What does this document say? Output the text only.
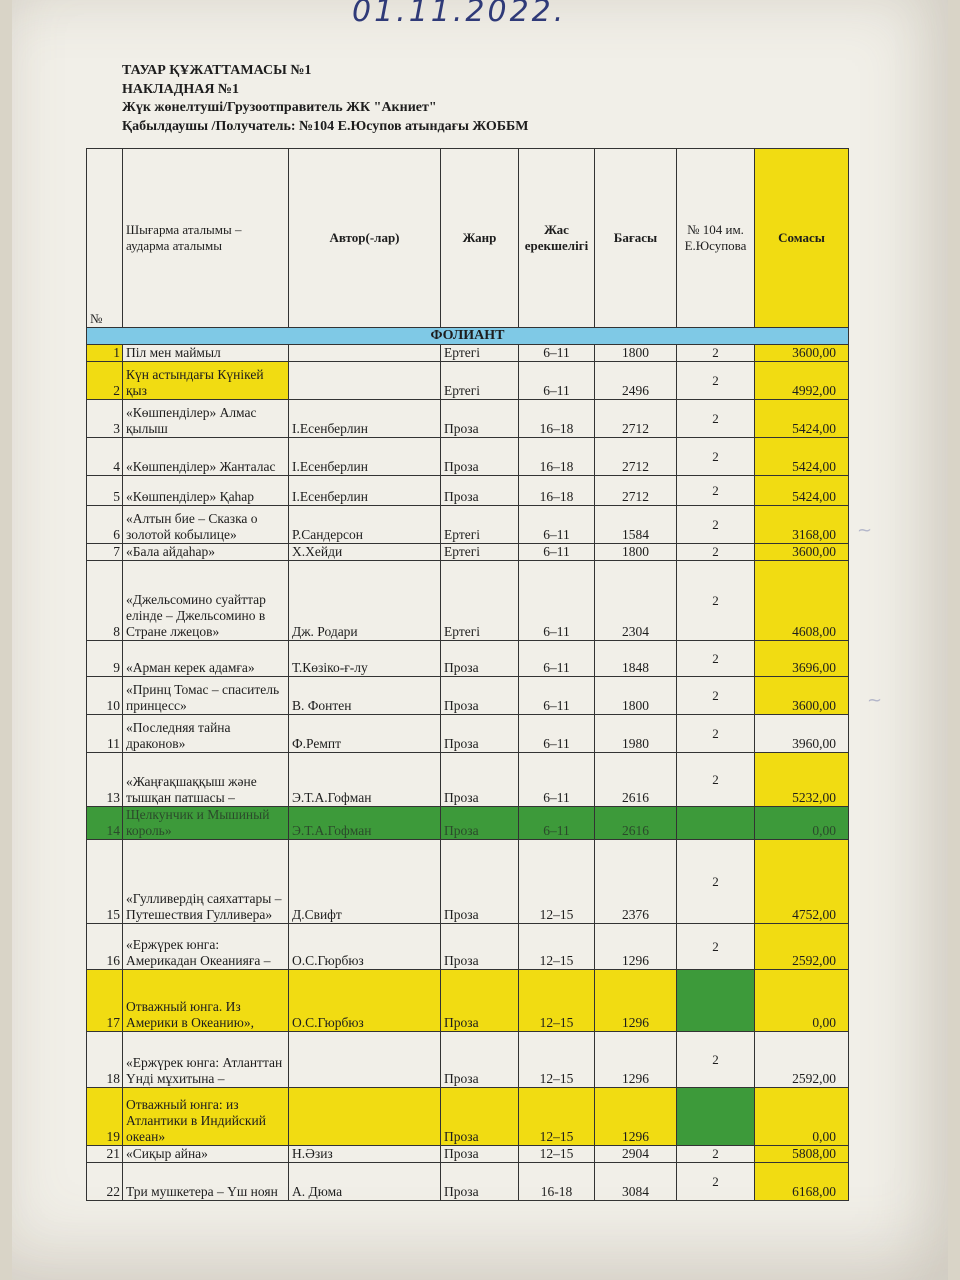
01.11.2022.
ТАУАР ҚҰЖАТТАМАСЫ №1
НАКЛАДНАЯ №1
Жүк жөнелтуші/Грузоотправитель ЖК "Акниет"
Қабылдаушы /Получатель: №104 Е.Юсупов атындағы ЖОББМ
№	Шығарма аталымы – аударма аталымы	Автор(-лар)	Жанр	Жас ерекшелігі	Бағасы	№ 104 им. Е.Юсупова	Сомасы
ФОЛИАНТ							
1	Піл мен маймыл		Ертегі	6–11	1800	2	3600,00
2	Күн астындағы Күнікей қыз		Ертегі	6–11	2496	2	4992,00
3	«Көшпенділер» Алмас қылыш	І.Есенберлин	Проза	16–18	2712	2	5424,00
4	«Көшпенділер» Жанталас	І.Есенберлин	Проза	16–18	2712	2	5424,00
5	«Көшпенділер» Қаһар	І.Есенберлин	Проза	16–18	2712	2	5424,00
6	«Алтын бие – Сказка о золотой кобылице»	Р.Сандерсон	Ертегі	6–11	1584	2	3168,00
7	«Бала айдаһар»	Х.Хейди	Ертегі	6–11	1800	2	3600,00
8	«Джельсомино суайттар елінде – Джельсомино в Стране лжецов»	Дж. Родари	Ертегі	6–11	2304	2	4608,00
9	«Арман керек адамға»	Т.Көзіко-ғ-лу	Проза	6–11	1848	2	3696,00
10	«Принц Томас – спаситель принцесс»	В. Фонтен	Проза	6–11	1800	2	3600,00
11	«Последняя тайна драконов»	Ф.Ремпт	Проза	6–11	1980	2	3960,00
13	«Жаңғақшаққыш және тышқан патшасы –	Э.Т.А.Гофман	Проза	6–11	2616	2	5232,00
14	Щелкунчик и Мышиный король»	Э.Т.А.Гофман	Проза	6–11	2616		0,00
15	«Гулливердің саяхаттары – Путешествия Гулливера»	Д.Свифт	Проза	12–15	2376	2	4752,00
16	«Ержүрек юнга: Америкадан Океанияға –	О.С.Гюрбюз	Проза	12–15	1296	2	2592,00
17	Отважный юнга. Из Америки в Океанию»,	О.С.Гюрбюз	Проза	12–15	1296		0,00
18	«Ержүрек юнга: Атланттан Үнді мұхитына –		Проза	12–15	1296	2	2592,00
19	Отважный юнга: из Атлантики в Индийский океан»		Проза	12–15	1296		0,00
21	«Сиқыр айна»	Н.Әзиз	Проза	12–15	2904	2	5808,00
22	Три мушкетера – Үш ноян	А. Дюма	Проза	16-18	3084	2	6168,00
~
~
